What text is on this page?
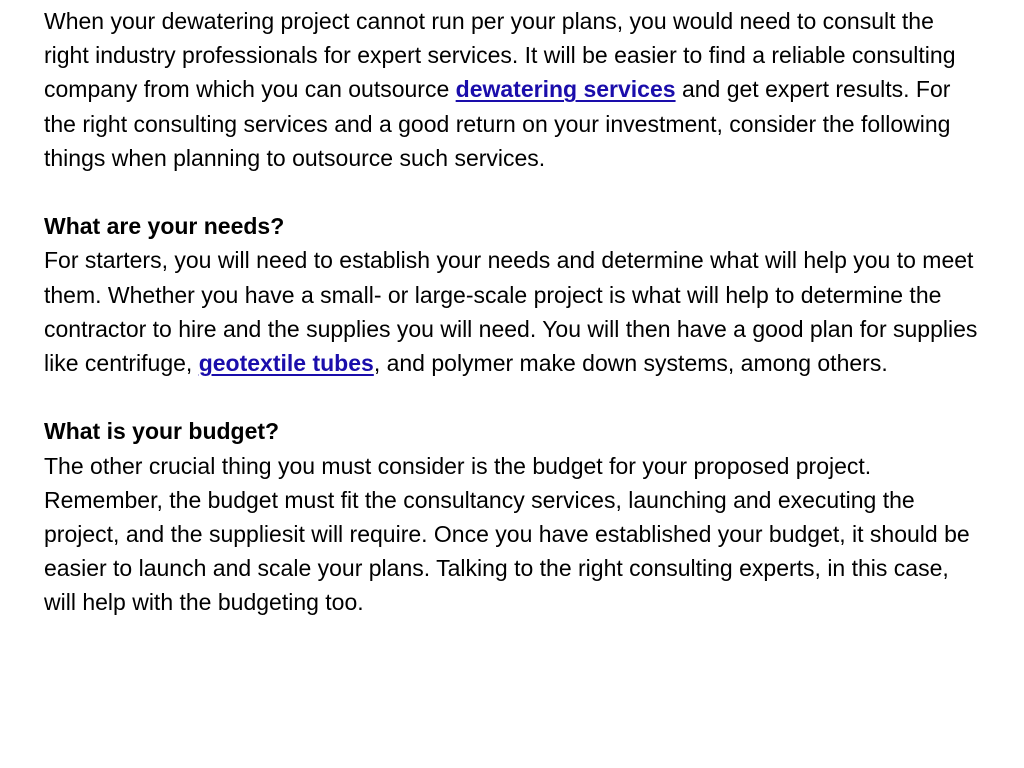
When your dewatering project cannot run per your plans, you would need to consult the right industry professionals for expert services. It will be easier to find a reliable consulting company from which you can outsource dewatering services and get expert results. For the right consulting services and a good return on your investment, consider the following things when planning to outsource such services.

What are your needs?

For starters, you will need to establish your needs and determine what will help you to meet them. Whether you have a small- or large-scale project is what will help to determine the contractor to hire and the supplies you will need. You will then have a good plan for supplies like centrifuge, geotextile tubes, and polymer make down systems, among others.

What is your budget?

The other crucial thing you must consider is the budget for your proposed project. Remember, the budget must fit the consultancy services, launching and executing the project, and the suppliesit will require. Once you have established your budget, it should be easier to launch and scale your plans. Talking to the right consulting experts, in this case, will help with the budgeting too.
